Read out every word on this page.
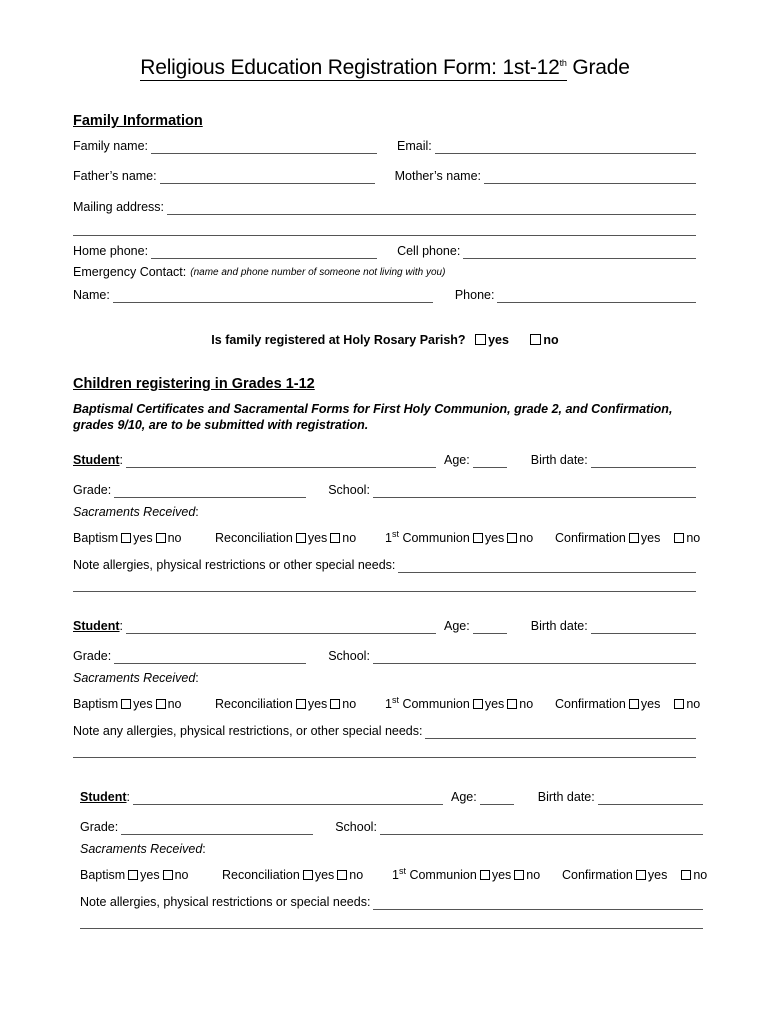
Religious Education Registration Form: 1st-12th Grade
Family Information
Family name:	Email:
Father’s name:	Mother’s name:
Mailing address:
Home phone:	Cell phone:
Emergency Contact: (name and phone number of someone not living with you)
Name:	Phone:
Is family registered at Holy Rosary Parish? yes	no
Children registering in Grades 1-12
Baptismal Certificates and Sacramental Forms for First Holy Communion, grade 2, and Confirmation, grades 9/10, are to be submitted with registration.
Student :	Age:	Birth date:
Grade:	School:
Sacraments Received :
Baptism yes no	Reconciliation yes no	1st Communion yes no	Confirmation yes no
Note allergies, physical restrictions or other special needs:
Student :	Age:	Birth date:
Grade:	School:
Sacraments Received :
Baptism yes no	Reconciliation yes no	1st Communion yes no	Confirmation yes no
Note any allergies, physical restrictions, or other special needs:
Student :	Age:	Birth date:
Grade:	School:
Sacraments Received :
Baptism yes no	Reconciliation yes no	1st Communion yes no	Confirmation yes no
Note allergies, physical restrictions or special needs:
